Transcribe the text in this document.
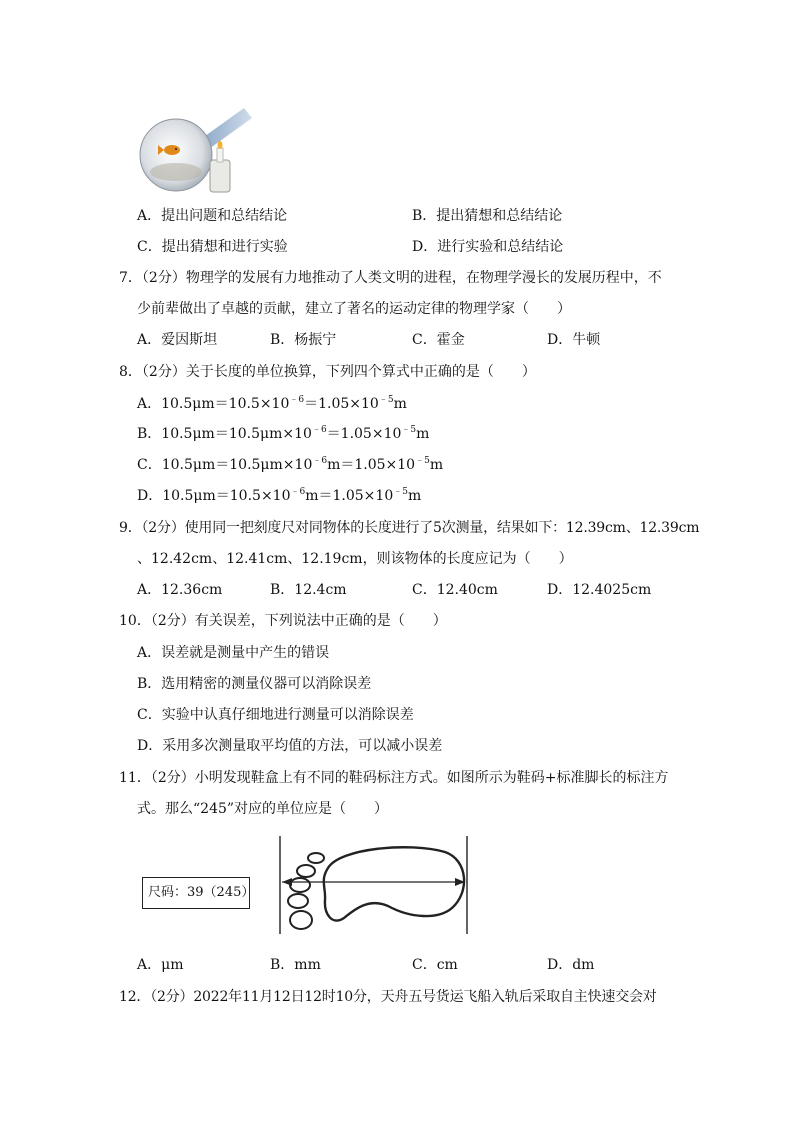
A．提出问题和总结结论	B．提出猜想和总结结论
C．提出猜想和进行实验	D．进行实验和总结结论
7．（2分）物理学的发展有力地推动了人类文明的进程，在物理学漫长的发展历程中，不
少前辈做出了卓越的贡献，建立了著名的运动定律的物理学家（　　）
A．爱因斯坦	B．杨振宁	C．霍金	D．牛顿
8．（2分）关于长度的单位换算，下列四个算式中正确的是（　　）
A．$10.5\mu m=10.5\times 10^{﹣6}=1.05\times 10^{﹣5}m$
B．$10.5\mu m=10.5\mu m\times 10^{﹣6}=1.05\times 10^{﹣5}m$
C．$10.5\mu m=10.5\mu m\times 10^{﹣6}m=1.05\times 10^{﹣5}m$
D．$10.5\mu m=10.5\times 10^{﹣6}m=1.05\times 10^{﹣5}m$
9．（2分）使用同一把刻度尺对同物体的长度进行了5次测量，结果如下：12.39cm、12.39cm
、12.42cm、12.41cm、12.19cm，则该物体的长度应记为（　　）
A．12.36cm	B．12.4cm	C．12.40cm	D．12.4025cm
10．（2分）有关误差，下列说法中正确的是（　　）
A．误差就是测量中产生的错误
B．选用精密的测量仪器可以消除误差
C．实验中认真仔细地进行测量可以消除误差
D．采用多次测量取平均值的方法，可以减小误差
11．（2分）小明发现鞋盒上有不同的鞋码标注方式。如图所示为鞋码+标准脚长的标注方
式。那么“245”对应的单位应是（　　）
尺码：39（245）
A．μm	B．mm	C．cm	D．dm
12．（2分）2022年11月12日12时10分，天舟五号货运飞船入轨后采取自主快速交会对
